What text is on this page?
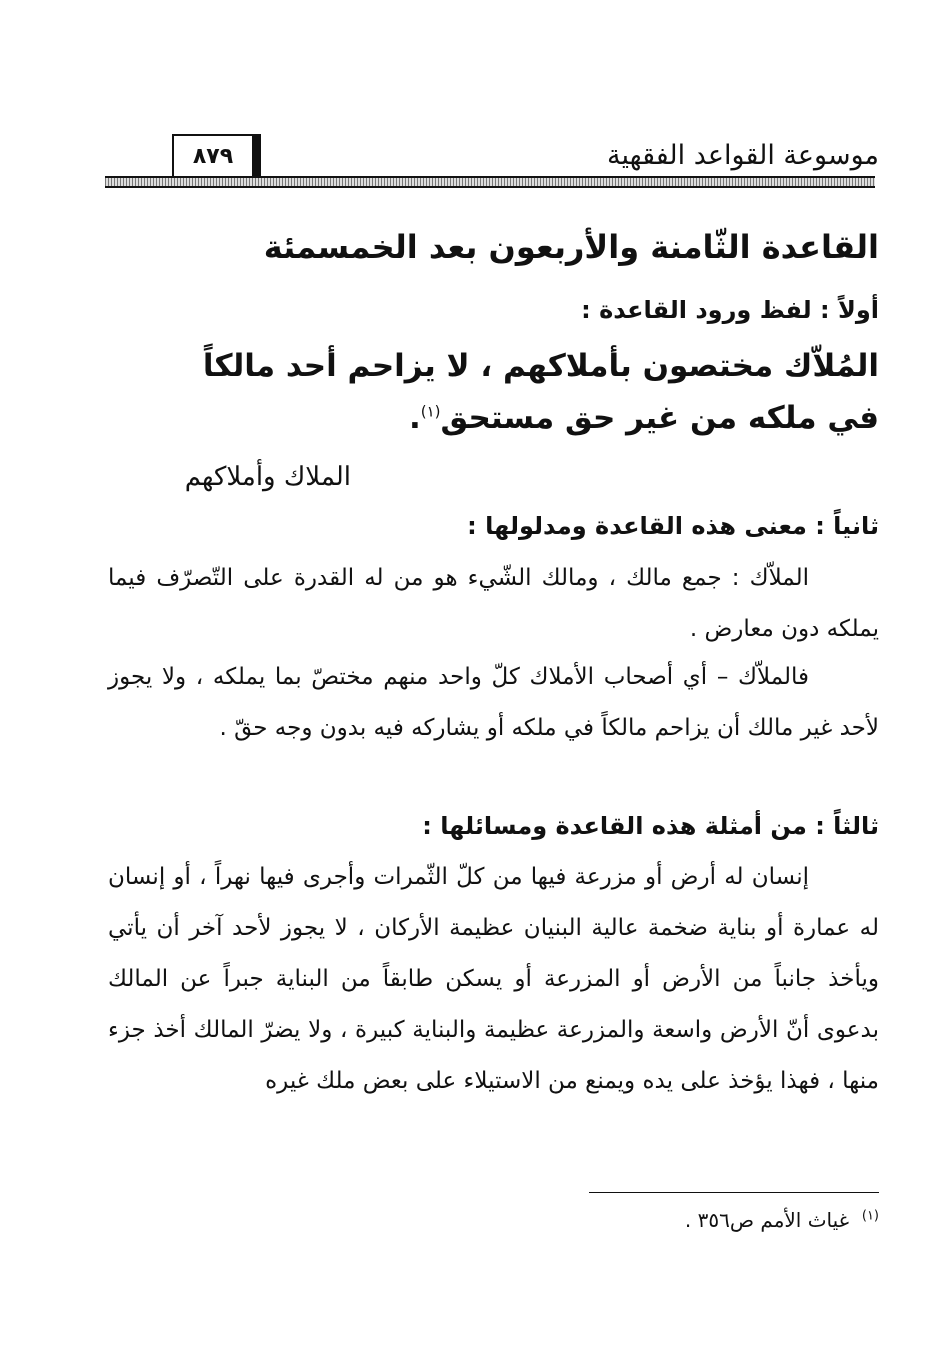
موسوعة القواعد الفقهية
٨٧٩
القاعدة الثّامنة والأربعون بعد الخمسمئة
أولاً : لفظ ورود القاعدة :
المُلاّك مختصون بأملاكهم ، لا يزاحم أحد مالكاً
في ملكه من غير حق مستحق$^{(١)}$.
الملاك وأملاكهم
ثانياً : معنى هذه القاعدة ومدلولها :

الملاّك : جمع مالك ، ومالك الشّيء هو من له القدرة على التّصرّف فيما يملكه دون معارض .

فالملاّك – أي أصحاب الأملاك كلّ واحد منهم مختصّ بما يملكه ، ولا يجوز لأحد غير مالك أن يزاحم مالكاً في ملكه أو يشاركه فيه بدون وجه حقّ .

ثالثاً : من أمثلة هذه القاعدة ومسائلها :

إنسان له أرض أو مزرعة فيها من كلّ الثّمرات وأجرى فيها نهراً ، أو إنسان له عمارة أو بناية ضخمة عالية البنيان عظيمة الأركان ، لا يجوز لأحد آخر أن يأتي ويأخذ جانباً من الأرض أو المزرعة أو يسكن طابقاً من البناية جبراً عن المالك بدعوى أنّ الأرض واسعة والمزرعة عظيمة والبناية كبيرة ، ولا يضرّ المالك أخذ جزء منها ، فهذا يؤخذ على يده ويمنع من الاستيلاء على بعض ملك غيره

$^{(١)}$  غياث الأمم ص٣٥٦ .
